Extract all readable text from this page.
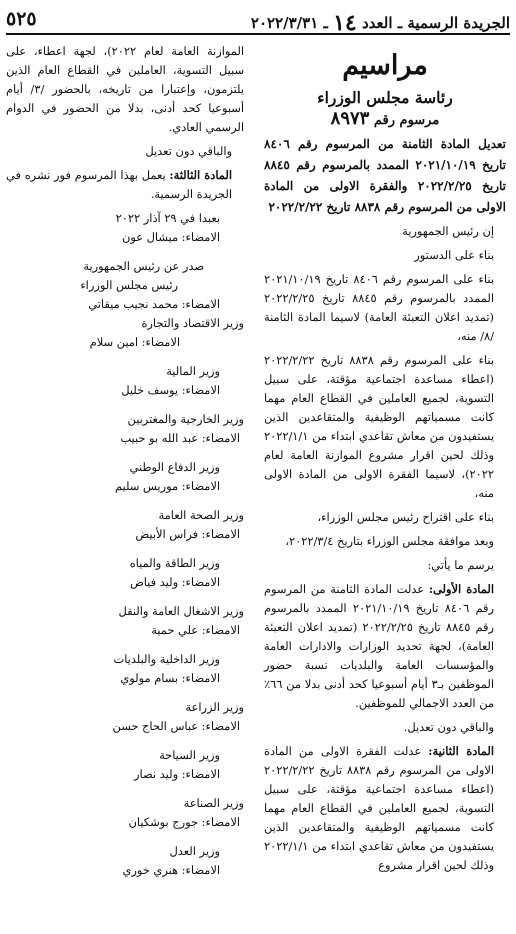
الجريدة الرسمية ـ العدد ١٤ ـ ٢٠٢٢/٣/٣١
٥٢٥
مراسيم
رئاسة مجلس الوزراء
مرسوم رقم ٨٩٧٣
تعديل المادة الثامنة من المرسوم رقم ٨٤٠٦ تاريخ ٢٠٢١/١٠/١٩ الممدد بالمرسوم رقم ٨٨٤٥ تاريخ ٢٠٢٢/٢/٢٥ والفقرة الاولى من المادة الاولى من المرسوم رقم ٨٨٣٨ تاريخ ٢٠٢٢/٢/٢٢

إن رئيس الجمهورية

بناء على الدستور

بناء على المرسوم رقم ٨٤٠٦ تاريخ ٢٠٢١/١٠/١٩ الممدد بالمرسوم رقم ٨٨٤٥ تاريخ ٢٠٢٢/٢/٢٥ (تمديد اعلان التعبئة العامة) لاسيما المادة الثامنة /٨/ منه،

بناء على المرسوم رقم ٨٨٣٨ تاريخ ٢٠٢٢/٢/٢٢ (اعطاء مساعدة اجتماعية مؤقتة، على سبيل التسوية، لجميع العاملين في القطاع العام مهما كانت مسمياتهم الوظيفية والمتقاعدين الذين يستفيدون من معاش تقاعدي ابتداء من ٢٠٢٢/١/١ وذلك لحين اقرار مشروع الموازنة العامة لعام ٢٠٢٢)، لاسيما الفقرة الاولى من المادة الاولى منه،

بناء على اقتراح رئيس مجلس الوزراء،

وبعد موافقة مجلس الوزراء بتاريخ ٢٠٢٢/٣/٤،

يرسم ما يأتي:

المادة الأولى: عدلت المادة الثامنة من المرسوم رقم ٨٤٠٦ تاريخ ٢٠٢١/١٠/١٩ الممدد بالمرسوم رقم ٨٨٤٥ تاريخ ٢٠٢٢/٢/٢٥ (تمديد اعلان التعبئة العامة)، لجهة تحديد الوزارات والادارات العامة والمؤسسات العامة والبلديات نسبة حضور الموظفين بـ٣ أيام أسبوعيا كحد أدنى بدلا من ٦٦٪ من العدد الاجمالي للموظفين.

والباقي دون تعديل.

المادة الثانية: عدلت الفقرة الاولى من المادة الاولى من المرسوم رقم ٨٨٣٨ تاريخ ٢٠٢٢/٢/٢٢ (اعطاء مساعدة اجتماعية مؤقتة، على سبيل التسوية، لجميع العاملين في القطاع العام مهما كانت مسمياتهم الوظيفية والمتقاعدين الذين يستفيدون من معاش تقاعدي ابتداء من ٢٠٢٢/١/١ وذلك لحين اقرار مشروع

الموازنة العامة لعام ٢٠٢٢)، لجهة اعطاء، على سبيل التسوية، العاملين في القطاع العام الذين يلتزمون، وإعتبارا من تاريخه، بالحضور /٣/ أيام أسبوعيا كحد أدنى، بدلا من الحضور في الدوام الرسمي العادي.

والباقي دون تعديل

المادة الثالثة: يعمل بهذا المرسوم فور نشره في الجريدة الرسمية.

بعبدا في ٢٩ آذار ٢٠٢٢
الامضاء: ميشال عون
صدر عن رئيس الجمهورية
رئيس مجلس الوزراء
الامضاء: محمد نجيب ميقاتي
وزير الاقتصاد والتجارة
الامضاء: امين سلام
وزير المالية
الامضاء: يوسف خليل
وزير الخارجية والمغتربين
الامضاء: عبد الله بو حبيب
وزير الدفاع الوطني
الامضاء: موريس سليم
وزير الصحة العامة
الامضاء: فراس الأبيض
وزير الطاقة والمياه
الامضاء: وليد فياض
وزير الاشغال العامة والنقل
الامضاء: علي حمية
وزير الداخلية والبلديات
الامضاء: بسام مولوي
وزير الزراعة
الامضاء: عباس الحاج حسن
وزير السياحة
الامضاء: وليد نصار
وزير الصناعة
الامضاء: جورج بوشكيان
وزير العدل
الامضاء: هنري خوري
